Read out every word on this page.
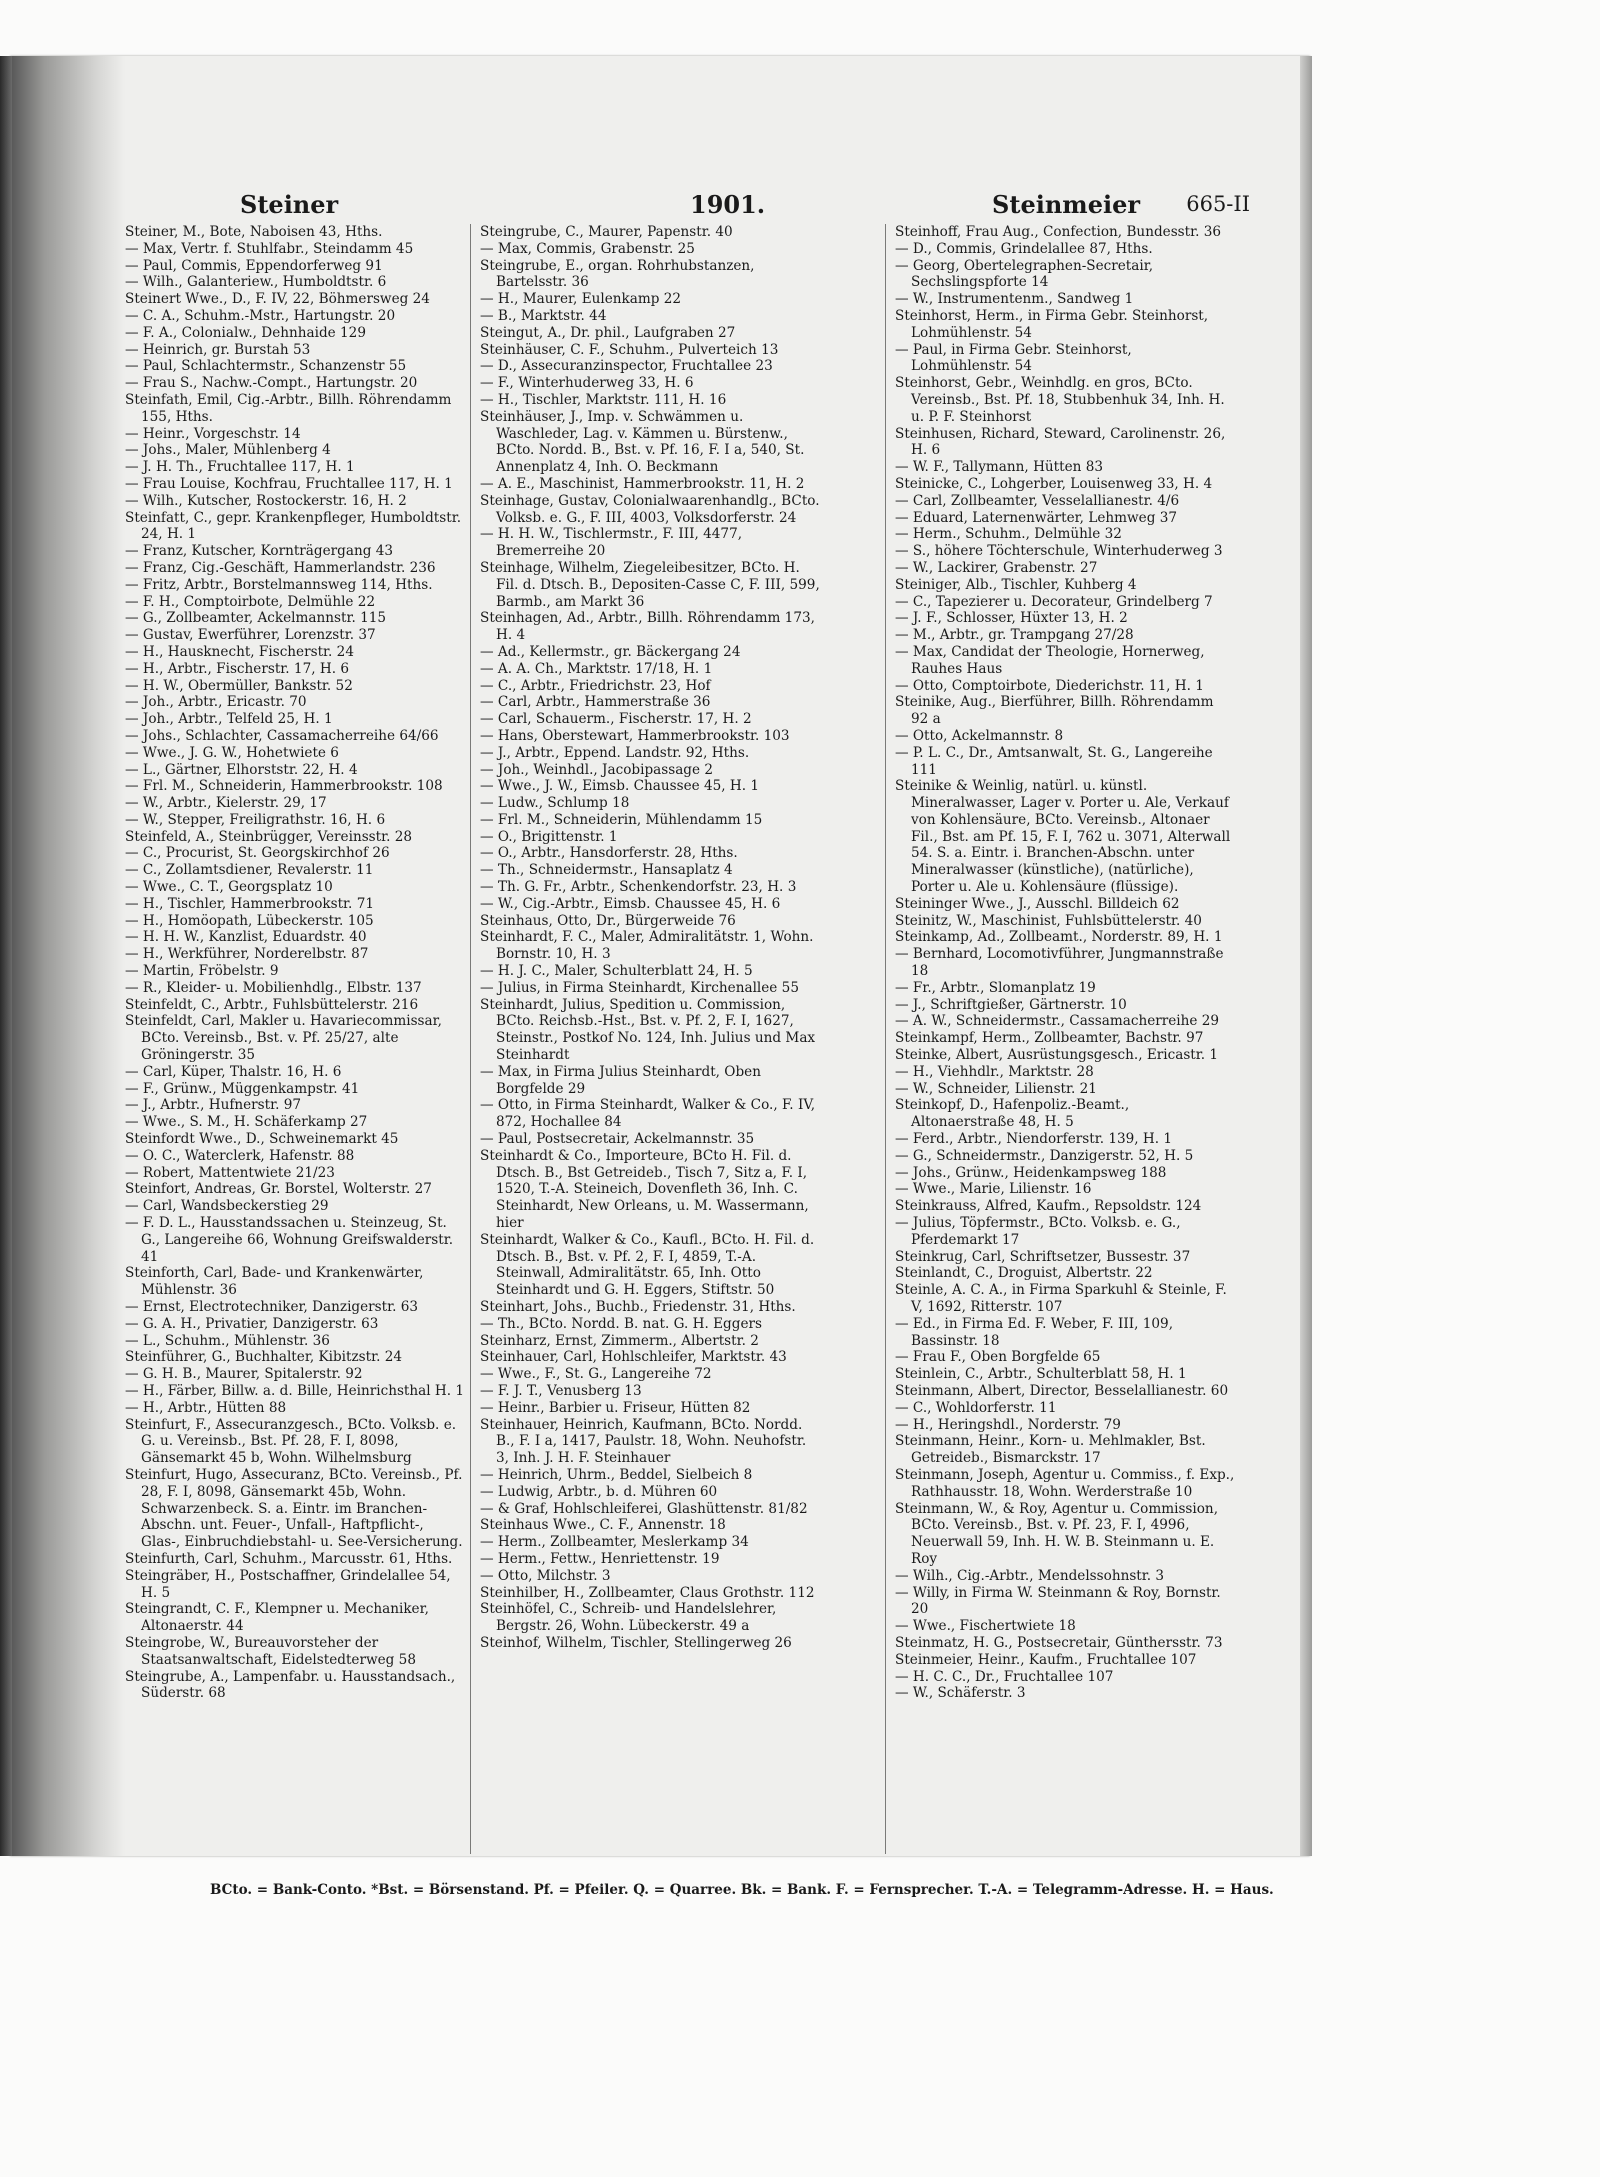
Steiner	1901.	Steinmeier 665-II

Steiner, M., Bote, Naboisen 43, Hths.

— Max, Vertr. f. Stuhlfabr., Steindamm 45

— Paul, Commis, Eppendorferweg 91

— Wilh., Galanteriew., Humboldtstr. 6

Steinert Wwe., D., F. IV, 22, Böhmersweg 24

— C. A., Schuhm.-Mstr., Hartungstr. 20

— F. A., Colonialw., Dehnhaide 129

— Heinrich, gr. Burstah 53

— Paul, Schlachtermstr., Schanzenstr 55

— Frau S., Nachw.-Compt., Hartungstr. 20

Steinfath, Emil, Cig.-Arbtr., Billh. Röhrendamm 155, Hths.

— Heinr., Vorgeschstr. 14

— Johs., Maler, Mühlenberg 4

— J. H. Th., Fruchtallee 117, H. 1

— Frau Louise, Kochfrau, Fruchtallee 117, H. 1

— Wilh., Kutscher, Rostockerstr. 16, H. 2

Steinfatt, C., gepr. Krankenpfleger, Humboldtstr. 24, H. 1

— Franz, Kutscher, Kornträgergang 43

— Franz, Cig.-Geschäft, Hammerlandstr. 236

— Fritz, Arbtr., Borstelmannsweg 114, Hths.

— F. H., Comptoirbote, Delmühle 22

— G., Zollbeamter, Ackelmannstr. 115

— Gustav, Ewerführer, Lorenzstr. 37

— H., Hausknecht, Fischerstr. 24

— H., Arbtr., Fischerstr. 17, H. 6

— H. W., Obermüller, Bankstr. 52

— Joh., Arbtr., Ericastr. 70

— Joh., Arbtr., Telfeld 25, H. 1

— Johs., Schlachter, Cassamacherreihe 64/66

— Wwe., J. G. W., Hohetwiete 6

— L., Gärtner, Elhorststr. 22, H. 4

— Frl. M., Schneiderin, Hammerbrookstr. 108

— W., Arbtr., Kielerstr. 29, 17

— W., Stepper, Freiligrathstr. 16, H. 6

Steinfeld, A., Steinbrügger, Vereinsstr. 28

— C., Procurist, St. Georgskirchhof 26

— C., Zollamtsdiener, Revalerstr. 11

— Wwe., C. T., Georgsplatz 10

— H., Tischler, Hammerbrookstr. 71

— H., Homöopath, Lübeckerstr. 105

— H. H. W., Kanzlist, Eduardstr. 40

— H., Werkführer, Norderelbstr. 87

— Martin, Fröbelstr. 9

— R., Kleider- u. Mobilienhdlg., Elbstr. 137

Steinfeldt, C., Arbtr., Fuhlsbüttelerstr. 216

Steinfeldt, Carl, Makler u. Havariecommissar, BCto. Vereinsb., Bst. v. Pf. 25/27, alte Gröningerstr. 35

— Carl, Küper, Thalstr. 16, H. 6

— F., Grünw., Müggenkampstr. 41

— J., Arbtr., Hufnerstr. 97

— Wwe., S. M., H. Schäferkamp 27

Steinfordt Wwe., D., Schweinemarkt 45

— O. C., Waterclerk, Hafenstr. 88

— Robert, Mattentwiete 21/23

Steinfort, Andreas, Gr. Borstel, Wolterstr. 27

— Carl, Wandsbeckerstieg 29

— F. D. L., Hausstandssachen u. Steinzeug, St. G., Langereihe 66, Wohnung Greifswalderstr. 41

Steinforth, Carl, Bade- und Krankenwärter, Mühlenstr. 36

— Ernst, Electrotechniker, Danzigerstr. 63

— G. A. H., Privatier, Danzigerstr. 63

— L., Schuhm., Mühlenstr. 36

Steinführer, G., Buchhalter, Kibitzstr. 24

— G. H. B., Maurer, Spitalerstr. 92

— H., Färber, Billw. a. d. Bille, Heinrichsthal H. 1

— H., Arbtr., Hütten 88

Steinfurt, F., Assecuranzgesch., BCto. Volksb. e. G. u. Vereinsb., Bst. Pf. 28, F. I, 8098, Gänsemarkt 45 b, Wohn. Wilhelmsburg

Steinfurt, Hugo, Assecuranz, BCto. Vereinsb., Pf. 28, F. I, 8098, Gänsemarkt 45b, Wohn. Schwarzenbeck. S. a. Eintr. im Branchen-Abschn. unt. Feuer-, Unfall-, Haftpflicht-, Glas-, Einbruchdiebstahl- u. See-Versicherung.

Steinfurth, Carl, Schuhm., Marcusstr. 61, Hths.

Steingräber, H., Postschaffner, Grindelallee 54, H. 5

Steingrandt, C. F., Klempner u. Mechaniker, Altonaerstr. 44

Steingrobe, W., Bureauvorsteher der Staatsanwaltschaft, Eidelstedterweg 58

Steingrube, A., Lampenfabr. u. Hausstandsach., Süderstr. 68

Steingrube, C., Maurer, Papenstr. 40

— Max, Commis, Grabenstr. 25

Steingrube, E., organ. Rohrhubstanzen, Bartelsstr. 36

— H., Maurer, Eulenkamp 22

— B., Marktstr. 44

Steingut, A., Dr. phil., Laufgraben 27

Steinhäuser, C. F., Schuhm., Pulverteich 13

— D., Assecuranzinspector, Fruchtallee 23

— F., Winterhuderweg 33, H. 6

— H., Tischler, Marktstr. 111, H. 16

Steinhäuser, J., Imp. v. Schwämmen u. Waschleder, Lag. v. Kämmen u. Bürstenw., BCto. Nordd. B., Bst. v. Pf. 16, F. I a, 540, St. Annenplatz 4, Inh. O. Beckmann

— A. E., Maschinist, Hammerbrookstr. 11, H. 2

Steinhage, Gustav, Colonialwaarenhandlg., BCto. Volksb. e. G., F. III, 4003, Volksdorferstr. 24

— H. H. W., Tischlermstr., F. III, 4477, Bremerreihe 20

Steinhage, Wilhelm, Ziegeleibesitzer, BCto. H. Fil. d. Dtsch. B., Depositen-Casse C, F. III, 599, Barmb., am Markt 36

Steinhagen, Ad., Arbtr., Billh. Röhrendamm 173, H. 4

— Ad., Kellermstr., gr. Bäckergang 24

— A. A. Ch., Marktstr. 17/18, H. 1

— C., Arbtr., Friedrichstr. 23, Hof

— Carl, Arbtr., Hammerstraße 36

— Carl, Schauerm., Fischerstr. 17, H. 2

— Hans, Oberstewart, Hammerbrookstr. 103

— J., Arbtr., Eppend. Landstr. 92, Hths.

— Joh., Weinhdl., Jacobipassage 2

— Wwe., J. W., Eimsb. Chaussee 45, H. 1

— Ludw., Schlump 18

— Frl. M., Schneiderin, Mühlendamm 15

— O., Brigittenstr. 1

— O., Arbtr., Hansdorferstr. 28, Hths.

— Th., Schneidermstr., Hansaplatz 4

— Th. G. Fr., Arbtr., Schenkendorfstr. 23, H. 3

— W., Cig.-Arbtr., Eimsb. Chaussee 45, H. 6

Steinhaus, Otto, Dr., Bürgerweide 76

Steinhardt, F. C., Maler, Admiralitätstr. 1, Wohn. Bornstr. 10, H. 3

— H. J. C., Maler, Schulterblatt 24, H. 5

— Julius, in Firma Steinhardt, Kirchenallee 55

Steinhardt, Julius, Spedition u. Commission, BCto. Reichsb.-Hst., Bst. v. Pf. 2, F. I, 1627, Steinstr., Postkof No. 124, Inh. Julius und Max Steinhardt

— Max, in Firma Julius Steinhardt, Oben Borgfelde 29

— Otto, in Firma Steinhardt, Walker & Co., F. IV, 872, Hochallee 84

— Paul, Postsecretair, Ackelmannstr. 35

Steinhardt & Co., Importeure, BCto H. Fil. d. Dtsch. B., Bst Getreideb., Tisch 7, Sitz a, F. I, 1520, T.-A. Steineich, Dovenfleth 36, Inh. C. Steinhardt, New Orleans, u. M. Wassermann, hier

Steinhardt, Walker & Co., Kaufl., BCto. H. Fil. d. Dtsch. B., Bst. v. Pf. 2, F. I, 4859, T.-A. Steinwall, Admiralitätstr. 65, Inh. Otto Steinhardt und G. H. Eggers, Stiftstr. 50

Steinhart, Johs., Buchb., Friedenstr. 31, Hths.

— Th., BCto. Nordd. B. nat. G. H. Eggers

Steinharz, Ernst, Zimmerm., Albertstr. 2

Steinhauer, Carl, Hohlschleifer, Marktstr. 43

— Wwe., F., St. G., Langereihe 72

— F. J. T., Venusberg 13

— Heinr., Barbier u. Friseur, Hütten 82

Steinhauer, Heinrich, Kaufmann, BCto. Nordd. B., F. I a, 1417, Paulstr. 18, Wohn. Neuhofstr. 3, Inh. J. H. F. Steinhauer

— Heinrich, Uhrm., Beddel, Sielbeich 8

— Ludwig, Arbtr., b. d. Mühren 60

— & Graf, Hohlschleiferei, Glashüttenstr. 81/82

Steinhaus Wwe., C. F., Annenstr. 18

— Herm., Zollbeamter, Meslerkamp 34

— Herm., Fettw., Henriettenstr. 19

— Otto, Milchstr. 3

Steinhilber, H., Zollbeamter, Claus Grothstr. 112

Steinhöfel, C., Schreib- und Handelslehrer, Bergstr. 26, Wohn. Lübeckerstr. 49 a

Steinhof, Wilhelm, Tischler, Stellingerweg 26

Steinhoff, Frau Aug., Confection, Bundesstr. 36

— D., Commis, Grindelallee 87, Hths.

— Georg, Obertelegraphen-Secretair, Sechslingspforte 14

— W., Instrumentenm., Sandweg 1

Steinhorst, Herm., in Firma Gebr. Steinhorst, Lohmühlenstr. 54

— Paul, in Firma Gebr. Steinhorst, Lohmühlenstr. 54

Steinhorst, Gebr., Weinhdlg. en gros, BCto. Vereinsb., Bst. Pf. 18, Stubbenhuk 34, Inh. H. u. P. F. Steinhorst

Steinhusen, Richard, Steward, Carolinenstr. 26, H. 6

— W. F., Tallymann, Hütten 83

Steinicke, C., Lohgerber, Louisenweg 33, H. 4

— Carl, Zollbeamter, Vesselallianestr. 4/6

— Eduard, Laternenwärter, Lehmweg 37

— Herm., Schuhm., Delmühle 32

— S., höhere Töchterschule, Winterhuderweg 3

— W., Lackirer, Grabenstr. 27

Steiniger, Alb., Tischler, Kuhberg 4

— C., Tapezierer u. Decorateur, Grindelberg 7

— J. F., Schlosser, Hüxter 13, H. 2

— M., Arbtr., gr. Trampgang 27/28

— Max, Candidat der Theologie, Hornerweg, Rauhes Haus

— Otto, Comptoirbote, Diederichstr. 11, H. 1

Steinike, Aug., Bierführer, Billh. Röhrendamm 92 a

— Otto, Ackelmannstr. 8

— P. L. C., Dr., Amtsanwalt, St. G., Langereihe 111

Steinike & Weinlig, natürl. u. künstl. Mineralwasser, Lager v. Porter u. Ale, Verkauf von Kohlensäure, BCto. Vereinsb., Altonaer Fil., Bst. am Pf. 15, F. I, 762 u. 3071, Alterwall 54. S. a. Eintr. i. Branchen-Abschn. unter Mineralwasser (künstliche), (natürliche), Porter u. Ale u. Kohlensäure (flüssige).

Steininger Wwe., J., Ausschl. Billdeich 62

Steinitz, W., Maschinist, Fuhlsbüttelerstr. 40

Steinkamp, Ad., Zollbeamt., Norderstr. 89, H. 1

— Bernhard, Locomotivführer, Jungmannstraße 18

— Fr., Arbtr., Slomanplatz 19

— J., Schriftgießer, Gärtnerstr. 10

— A. W., Schneidermstr., Cassamacherreihe 29

Steinkampf, Herm., Zollbeamter, Bachstr. 97

Steinke, Albert, Ausrüstungsgesch., Ericastr. 1

— H., Viehhdlr., Marktstr. 28

— W., Schneider, Lilienstr. 21

Steinkopf, D., Hafenpoliz.-Beamt., Altonaerstraße 48, H. 5

— Ferd., Arbtr., Niendorferstr. 139, H. 1

— G., Schneidermstr., Danzigerstr. 52, H. 5

— Johs., Grünw., Heidenkampsweg 188

— Wwe., Marie, Lilienstr. 16

Steinkrauss, Alfred, Kaufm., Repsoldstr. 124

— Julius, Töpfermstr., BCto. Volksb. e. G., Pferdemarkt 17

Steinkrug, Carl, Schriftsetzer, Bussestr. 37

Steinlandt, C., Droguist, Albertstr. 22

Steinle, A. C. A., in Firma Sparkuhl & Steinle, F. V, 1692, Ritterstr. 107

— Ed., in Firma Ed. F. Weber, F. III, 109, Bassinstr. 18

— Frau F., Oben Borgfelde 65

Steinlein, C., Arbtr., Schulterblatt 58, H. 1

Steinmann, Albert, Director, Besselallianestr. 60

— C., Wohldorferstr. 11

— H., Heringshdl., Norderstr. 79

Steinmann, Heinr., Korn- u. Mehlmakler, Bst. Getreideb., Bismarckstr. 17

Steinmann, Joseph, Agentur u. Commiss., f. Exp., Rathhausstr. 18, Wohn. Werderstraße 10

Steinmann, W., & Roy, Agentur u. Commission, BCto. Vereinsb., Bst. v. Pf. 23, F. I, 4996, Neuerwall 59, Inh. H. W. B. Steinmann u. E. Roy

— Wilh., Cig.-Arbtr., Mendelssohnstr. 3

— Willy, in Firma W. Steinmann & Roy, Bornstr. 20

— Wwe., Fischertwiete 18

Steinmatz, H. G., Postsecretair, Günthersstr. 73

Steinmeier, Heinr., Kaufm., Fruchtallee 107

— H. C. C., Dr., Fruchtallee 107

— W., Schäferstr. 3

BCto. = Bank-Conto. *Bst. = Börsenstand. Pf. = Pfeiler. Q. = Quarree. Bk. = Bank. F. = Fernsprecher. T.-A. = Telegramm-Adresse. H. = Haus.
